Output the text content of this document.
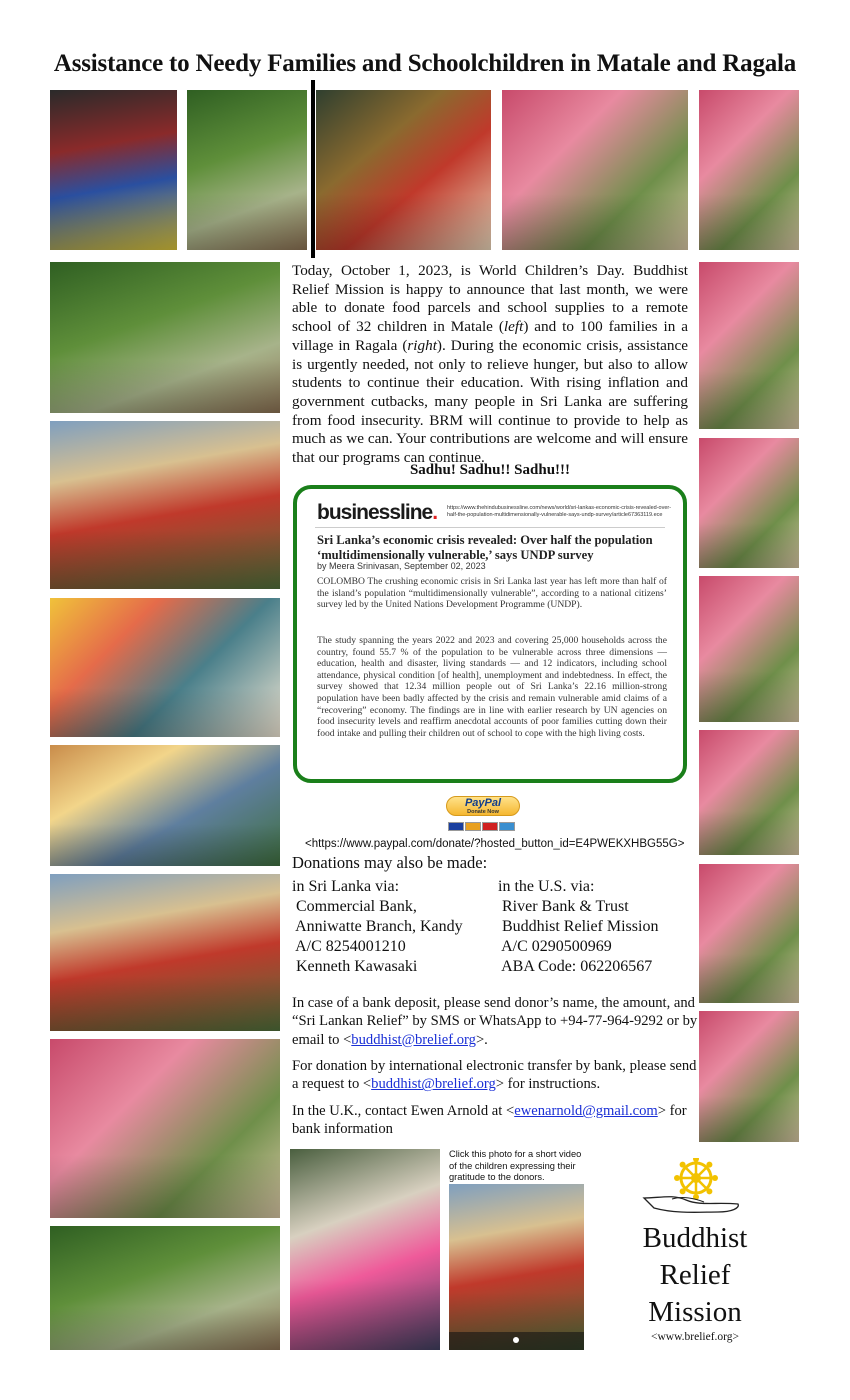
Assistance to Needy Families and Schoolchildren in Matale and Ragala
Today, October 1, 2023, is World Children’s Day. Buddhist Relief Mission is happy to announce that last month, we were able to donate food parcels and school supplies to a remote school of 32 children in Matale (left) and to 100 families in a village in Ragala (right). During the economic crisis, assistance is urgently needed, not only to relieve hunger, but also to allow students to continue their education. With rising inflation and government cutbacks, many people in Sri Lanka are suffering from food insecurity. BRM will continue to provide to help as much as we can. Your contributions are welcome and will ensure that our programs can continue.
Sadhu! Sadhu!! Sadhu!!!
businessline. https://www.thehindubusinessline.com/news/world/sri-lankas-economic-crisis-revealed-over-half-the-population-multidimensionally-vulnerable-says-undp-survey/article67363119.ece
Sri Lanka’s economic crisis revealed: Over half the population ‘multidimensionally vulnerable,’ says UNDP survey
by Meera Srinivasan, September 02, 2023

COLOMBO The crushing economic crisis in Sri Lanka last year has left more than half of the island’s population “multidimensionally vulnerable”, according to a national citizens’ survey led by the United Nations Development Programme (UNDP).

The study spanning the years 2022 and 2023 and covering 25,000 households across the country, found 55.7 % of the population to be vulnerable across three dimensions — education, health and disaster, living standards — and 12 indicators, including school attendance, physical condition [of health], unemployment and indebtedness. In effect, the survey showed that 12.34 million people out of Sri Lanka’s 22.16 million-strong population have been badly affected by the crisis and remain vulnerable amid claims of a “recovering” economy. The findings are in line with earlier research by UN agencies on food insecurity levels and reaffirm anecdotal accounts of poor families cutting down their food intake and pulling their children out of school to cope with the high living costs.

PayPal
Donate Now
<https://www.paypal.com/donate/?hosted_button_id=E4PWEKXHBG55G>
Donations may also be made:
in Sri Lanka via:
Commercial Bank,
Anniwatte Branch, Kandy
A/C 8254001210
Kenneth Kawasaki
in the U.S. via:
River Bank & Trust
Buddhist Relief Mission
A/C 0290500969
ABA Code: 062206567

In case of a bank deposit, please send donor’s name, the amount, and “Sri Lankan Relief” by SMS or WhatsApp to +94-77-964-9292 or by email to <buddhist@brelief.org>.

For donation by international electronic transfer by bank, please send a request to <buddhist@brelief.org> for instructions.

In the U.K., contact Ewen Arnold at <ewenarnold@gmail.com> for bank information

Click this photo for a short video of the children expressing their gratitude to the donors.
Buddhist
Relief
Mission
<www.brelief.org>
